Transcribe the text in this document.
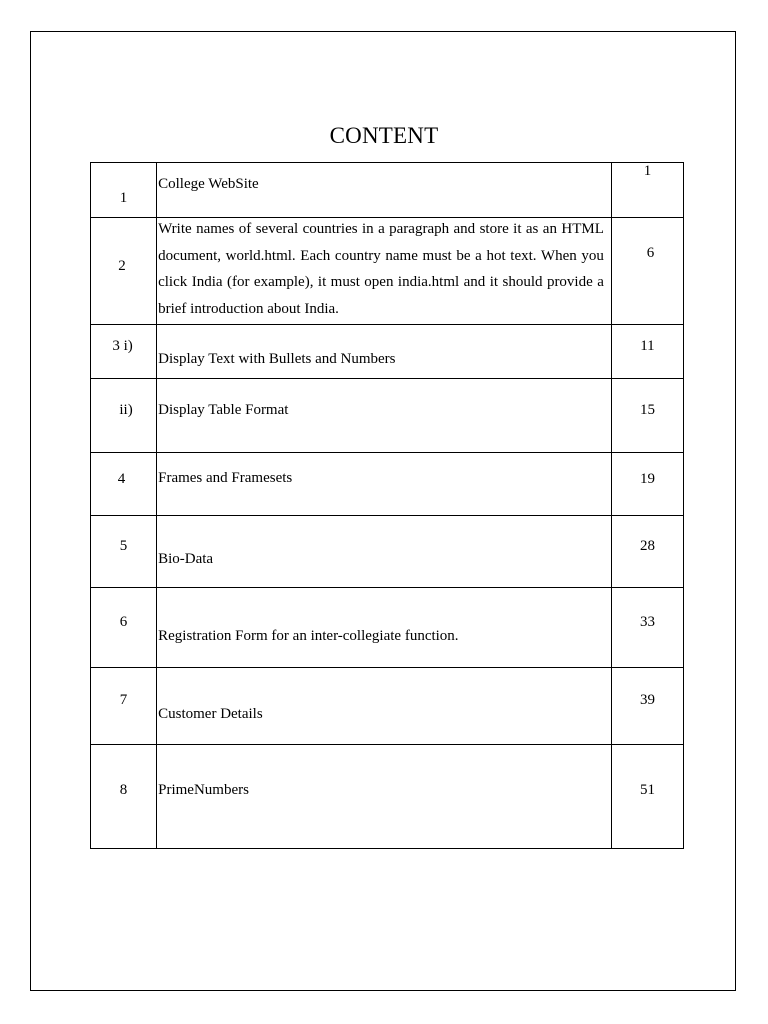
CONTENT
1	College WebSite	1

2	Write names of several countries in a paragraph and store it as an HTML document, world.html. Each country name must be a hot text. When you click India (for example), it must open india.html and it should provide a brief introduction about India.	6

3 i)	Display Text with Bullets and Numbers	11

ii)	Display Table Format	15

4	Frames and Framesets	19

5	Bio-Data	28

6	Registration Form for an inter-collegiate function.	33

7	Customer Details	39

8	PrimeNumbers	51
